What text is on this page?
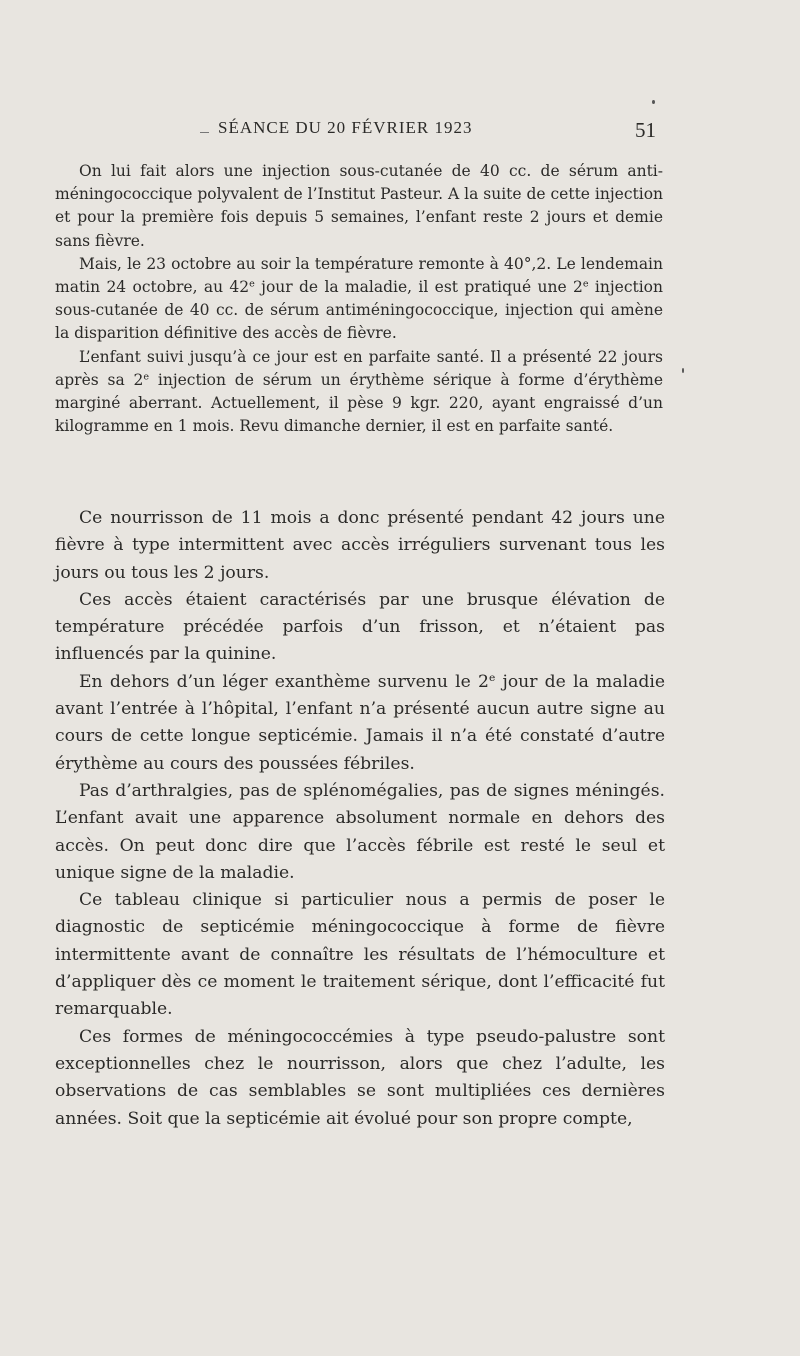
SÉANCE DU 20 FÉVRIER 1923	51

On lui fait alors une injection sous-cutanée de 40 cc. de sérum anti-méningococcique polyvalent de l’Institut Pasteur. A la suite de cette injection et pour la première fois depuis 5 semaines, l’enfant reste 2 jours et demie sans fièvre.

Mais, le 23 octobre au soir la température remonte à 40°,2. Le lendemain matin 24 octobre, au 42e jour de la maladie, il est pratiqué une 2e injection sous-cutanée de 40 cc. de sérum antiméningococcique, injection qui amène la disparition définitive des accès de fièvre.

L’enfant suivi jusqu’à ce jour est en parfaite santé. Il a présenté 22 jours après sa 2e injection de sérum un érythème sérique à forme d’érythème marginé aberrant. Actuellement, il pèse 9 kgr. 220, ayant engraissé d’un kilogramme en 1 mois. Revu dimanche dernier, il est en parfaite santé.

Ce nourrisson de 11 mois a donc présenté pendant 42 jours une fièvre à type intermittent avec accès irréguliers survenant tous les jours ou tous les 2 jours.

Ces accès étaient caractérisés par une brusque élévation de température précédée parfois d’un frisson, et n’étaient pas influencés par la quinine.

En dehors d’un léger exanthème survenu le 2e jour de la maladie avant l’entrée à l’hôpital, l’enfant n’a présenté aucun autre signe au cours de cette longue septicémie. Jamais il n’a été constaté d’autre érythème au cours des poussées fébriles.

Pas d’arthralgies, pas de splénomégalies, pas de signes méningés. L’enfant avait une apparence absolument normale en dehors des accès. On peut donc dire que l’accès fébrile est resté le seul et unique signe de la maladie.

Ce tableau clinique si particulier nous a permis de poser le diagnostic de septicémie méningococcique à forme de fièvre intermittente avant de connaître les résultats de l’hémoculture et d’appliquer dès ce moment le traitement sérique, dont l’efficacité fut remarquable.

Ces formes de méningococcémies à type pseudo-palustre sont exceptionnelles chez le nourrisson, alors que chez l’adulte, les observations de cas semblables se sont multipliées ces dernières années. Soit que la septicémie ait évolué pour son propre compte,
